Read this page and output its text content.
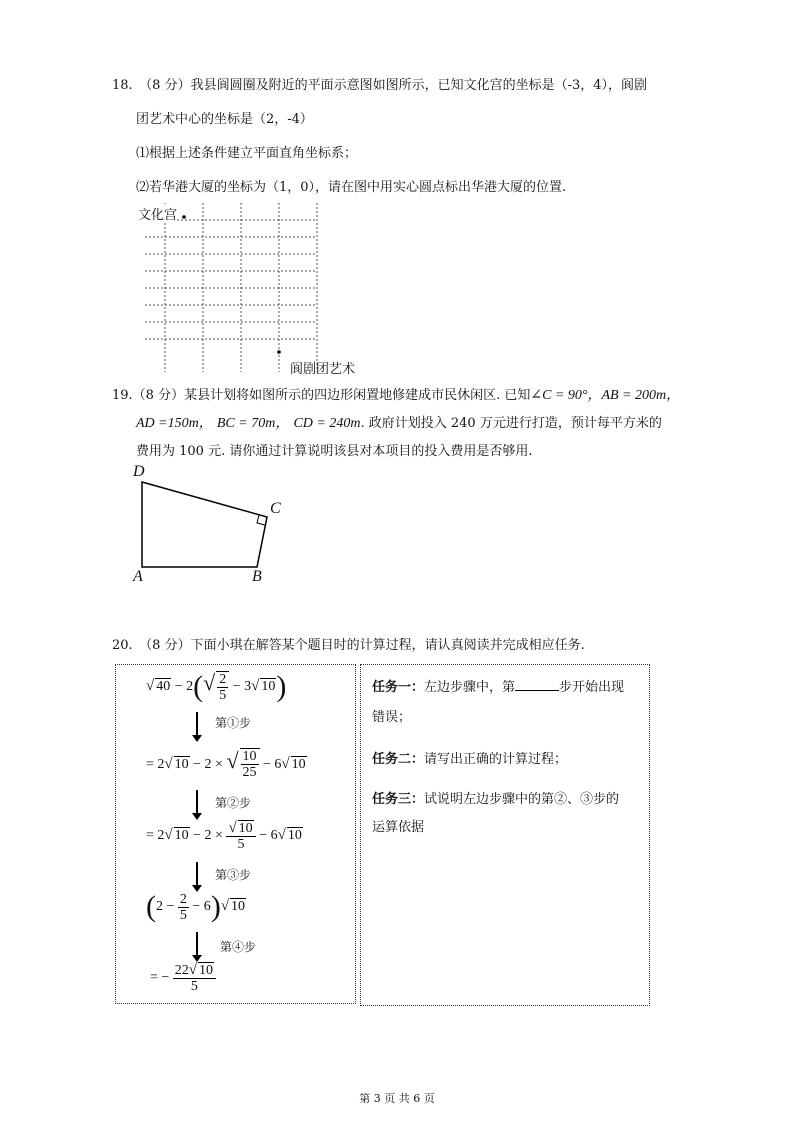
18.　（8 分）我县阆圆圈及附近的平面示意图如图所示，已知文化宫的坐标是（-3，4），阆剧
团艺术中心的坐标是（2，-4）
⑴根据上述条件建立平面直角坐标系；
⑵若华港大厦的坐标为（1，0），请在图中用实心圆点标出华港大厦的位置.
文化宫
阆剧团艺术
19.（8 分）某县计划将如图所示的四边形闲置地修建成市民休闲区. 已知∠C = 90°，AB = 200m，
AD =150m， BC = 70m， CD = 240m. 政府计划投入 240 万元进行打造，预计每平方米的
费用为 100 元. 请你通过计算说明该县对本项目的投入费用是否够用.
D
C
A	B
20.　（8 分）下面小琪在解答某个题目时的计算过程，请认真阅读并完成相应任务.
√ $40 - 2(√ \frac{2}{5} - 3√$ 10)
第①步
= 2√ 10 − 2 × √ $\frac{10}{25} - 6√$ 10
第②步
= 2√ $10 - 2 \times \frac{√ 10}{5} - 6√$ 10
第③步
$(2 - \frac{2}{5} - 6)√$ 10
第④步
= − $\frac{22√ 10}{5}$
任务一：左边步骤中，第	步开始出现
错误；
任务二：请写出正确的计算过程；
任务三：试说明左边步骤中的第②、③步的
运算依据
第 3 页 共 6 页
